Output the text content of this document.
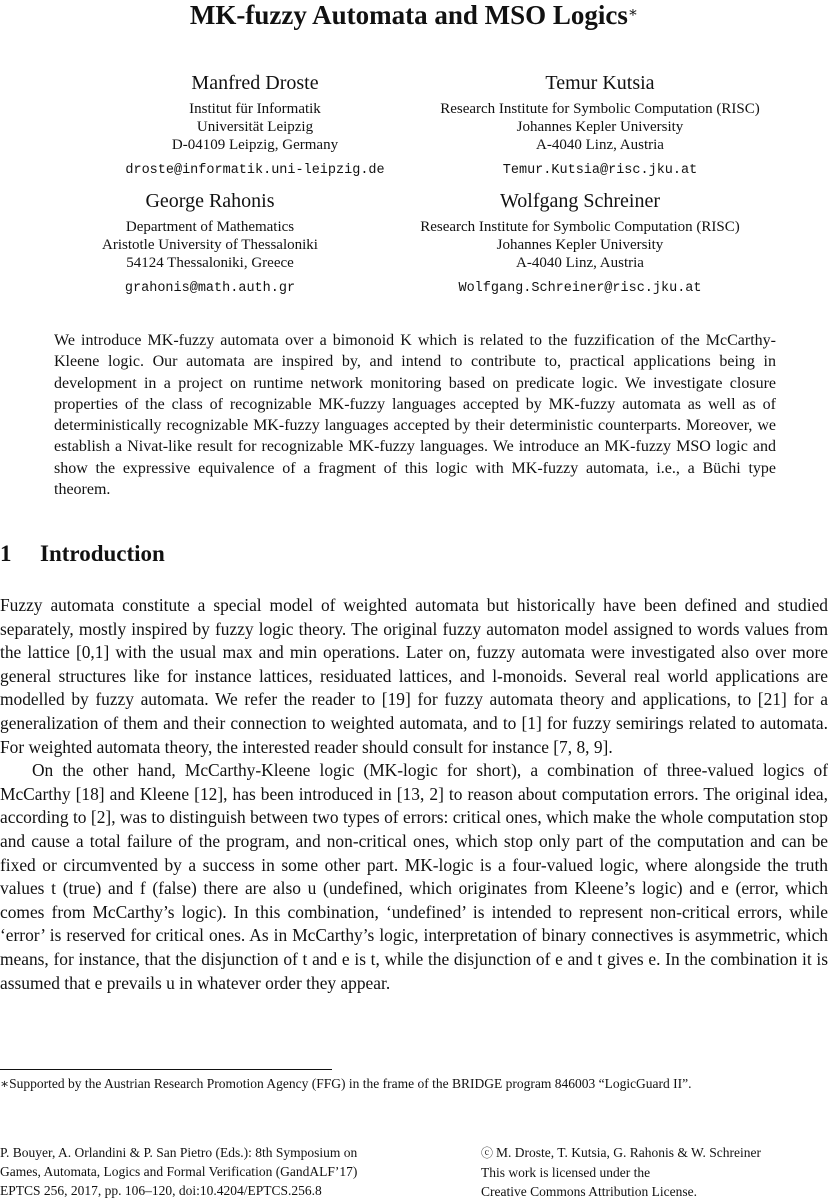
MK-fuzzy Automata and MSO Logics∗
Manfred Droste
Institut für Informatik
Universität Leipzig
D-04109 Leipzig, Germany
droste@informatik.uni-leipzig.de
Temur Kutsia
Research Institute for Symbolic Computation (RISC)
Johannes Kepler University
A-4040 Linz, Austria
Temur.Kutsia@risc.jku.at
George Rahonis
Department of Mathematics
Aristotle University of Thessaloniki
54124 Thessaloniki, Greece
grahonis@math.auth.gr
Wolfgang Schreiner
Research Institute for Symbolic Computation (RISC)
Johannes Kepler University
A-4040 Linz, Austria
Wolfgang.Schreiner@risc.jku.at
We introduce MK-fuzzy automata over a bimonoid K which is related to the fuzzification of the McCarthy-Kleene logic. Our automata are inspired by, and intend to contribute to, practical applications being in development in a project on runtime network monitoring based on predicate logic. We investigate closure properties of the class of recognizable MK-fuzzy languages accepted by MK-fuzzy automata as well as of deterministically recognizable MK-fuzzy languages accepted by their deterministic counterparts. Moreover, we establish a Nivat-like result for recognizable MK-fuzzy languages. We introduce an MK-fuzzy MSO logic and show the expressive equivalence of a fragment of this logic with MK-fuzzy automata, i.e., a Büchi type theorem.
1 Introduction

Fuzzy automata constitute a special model of weighted automata but historically have been defined and studied separately, mostly inspired by fuzzy logic theory. The original fuzzy automaton model assigned to words values from the lattice [0,1] with the usual max and min operations. Later on, fuzzy automata were investigated also over more general structures like for instance lattices, residuated lattices, and l-monoids. Several real world applications are modelled by fuzzy automata. We refer the reader to [19] for fuzzy automata theory and applications, to [21] for a generalization of them and their connection to weighted automata, and to [1] for fuzzy semirings related to automata. For weighted automata theory, the interested reader should consult for instance [7, 8, 9].

On the other hand, McCarthy-Kleene logic (MK-logic for short), a combination of three-valued logics of McCarthy [18] and Kleene [12], has been introduced in [13, 2] to reason about computation errors. The original idea, according to [2], was to distinguish between two types of errors: critical ones, which make the whole computation stop and cause a total failure of the program, and non-critical ones, which stop only part of the computation and can be fixed or circumvented by a success in some other part. MK-logic is a four-valued logic, where alongside the truth values t (true) and f (false) there are also u (undefined, which originates from Kleene’s logic) and e (error, which comes from McCarthy’s logic). In this combination, ‘undefined’ is intended to represent non-critical errors, while ‘error’ is reserved for critical ones. As in McCarthy’s logic, interpretation of binary connectives is asymmetric, which means, for instance, that the disjunction of t and e is t, while the disjunction of e and t gives e. In the combination it is assumed that e prevails u in whatever order they appear.

∗Supported by the Austrian Research Promotion Agency (FFG) in the frame of the BRIDGE program 846003 “LogicGuard II”.
P. Bouyer, A. Orlandini & P. San Pietro (Eds.): 8th Symposium on
Games, Automata, Logics and Formal Verification (GandALF’17)
EPTCS 256, 2017, pp. 106–120, doi:10.4204/EPTCS.256.8
ⓒ M. Droste, T. Kutsia, G. Rahonis & W. Schreiner
This work is licensed under the
Creative Commons Attribution License.
